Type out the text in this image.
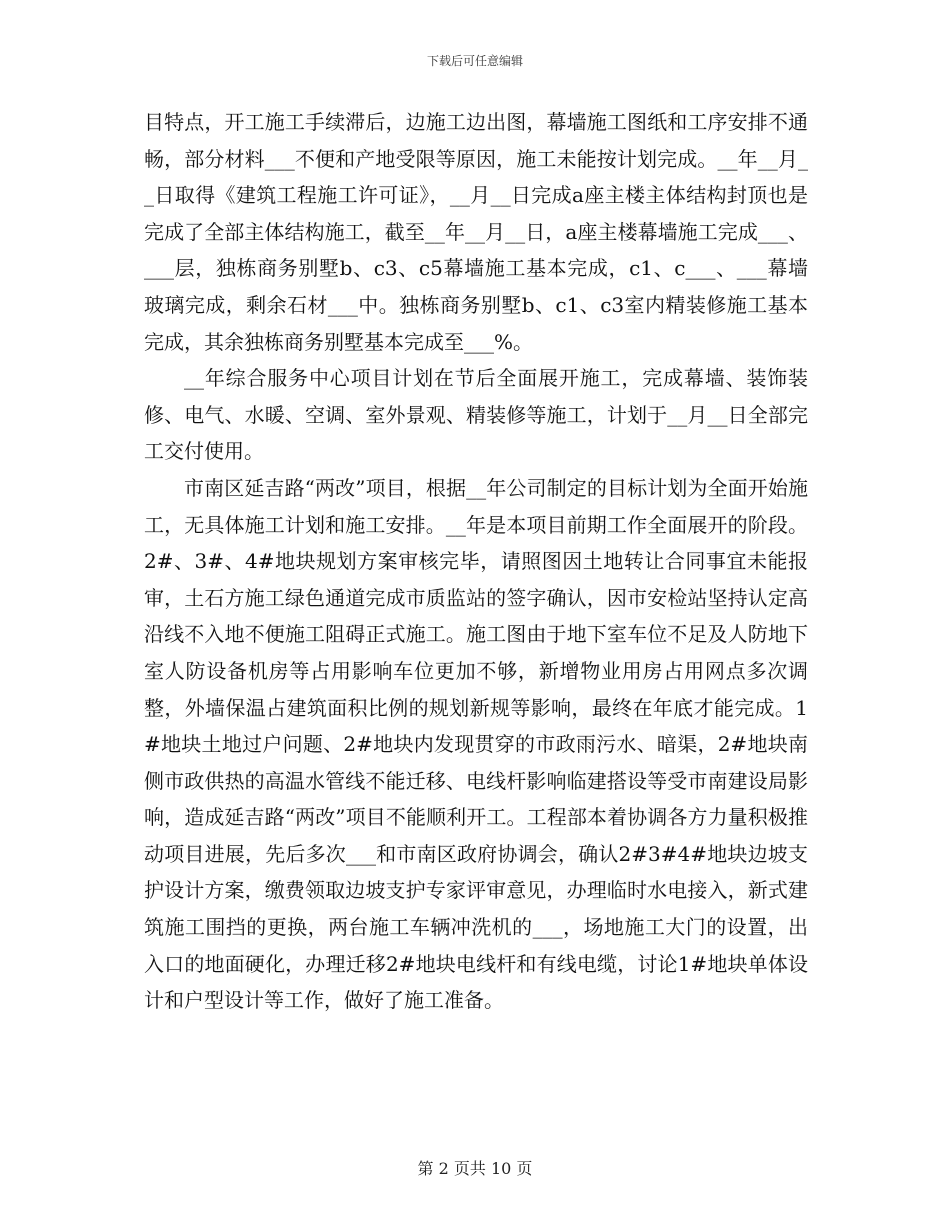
下载后可任意编辑

目特点，开工施工手续滞后，边施工边出图，幕墙施工图纸和工序安排不通畅，部分材料___不便和产地受限等原因，施工未能按计划完成。__年__月__日取得《建筑工程施工许可证》，__月__日完成a座主楼主体结构封顶也是完成了全部主体结构施工，截至__年__月__日，a座主楼幕墙施工完成___、___层，独栋商务别墅b、c3、c5幕墙施工基本完成，c1、c___、___幕墙玻璃完成，剩余石材___中。独栋商务别墅b、c1、c3室内精装修施工基本完成，其余独栋商务别墅基本完成至___%。

__年综合服务中心项目计划在节后全面展开施工，完成幕墙、装饰装修、电气、水暖、空调、室外景观、精装修等施工，计划于__月__日全部完工交付使用。

市南区延吉路“两改”项目，根据__年公司制定的目标计划为全面开始施工，无具体施工计划和施工安排。__年是本项目前期工作全面展开的阶段。2#、3#、4#地块规划方案审核完毕，请照图因土地转让合同事宜未能报审，土石方施工绿色通道完成市质监站的签字确认，因市安检站坚持认定高沿线不入地不便施工阻碍正式施工。施工图由于地下室车位不足及人防地下室人防设备机房等占用影响车位更加不够，新增物业用房占用网点多次调整，外墙保温占建筑面积比例的规划新规等影响，最终在年底才能完成。1#地块土地过户问题、2#地块内发现贯穿的市政雨污水、暗渠，2#地块南侧市政供热的高温水管线不能迁移、电线杆影响临建搭设等受市南建设局影响，造成延吉路“两改”项目不能顺利开工。工程部本着协调各方力量积极推动项目进展，先后多次___和市南区政府协调会，确认2#3#4#地块边坡支护设计方案，缴费领取边坡支护专家评审意见，办理临时水电接入，新式建筑施工围挡的更换，两台施工车辆冲洗机的___，场地施工大门的设置，出入口的地面硬化，办理迁移2#地块电线杆和有线电缆，讨论1#地块单体设计和户型设计等工作，做好了施工准备。

第 2 页共 10 页
